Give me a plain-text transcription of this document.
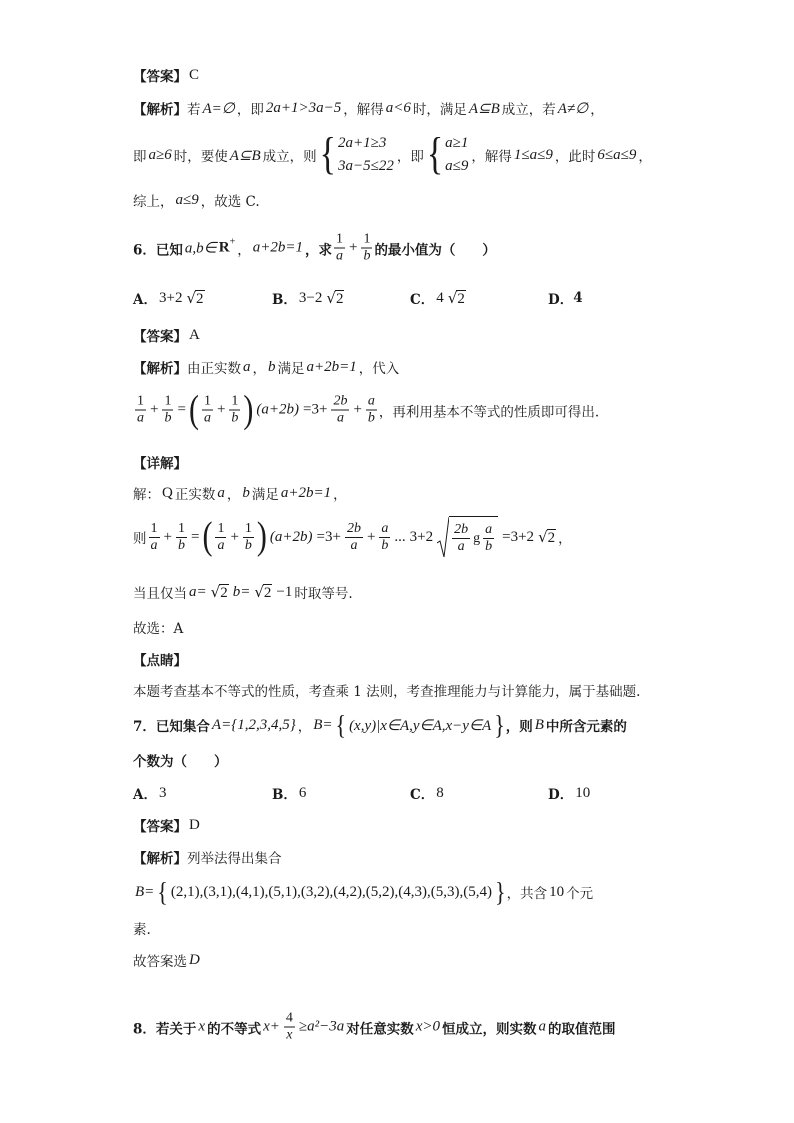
【答案】 C
【解析】 若 A=∅ ，即 2a+1>3a−5 ，解得 a<6 时，满足 A⊆B 成立，若 A≠∅ ，
即 a≥6 时，要使 A⊆B 成立，则 { 2a+1≥3
3a−5≤22
，即 { a≥1
a≤9
，解得 1≤a≤9 ，此时 6≤a≤9 ，
综上， a≤9 ，故选 C.
6．已知 a,b∈ R + ， a+2b=1 ，求 $\frac{1}{a} + \frac{1}{b}$ 的最小值为（　　）
A． 3+2 √ 2	B． 3−2 √ 2	C． 4 √ 2	D． 4
【答案】 A
【解析】 由正实数 a ， b 满足 a+2b=1 ，代入
$\frac{1}{a} + \frac{1}{b}$ = ( $\frac{1}{a} + \frac{1}{b}$ ) $(a+2b) =3+ \frac{2b}{a} + \frac{a}{b}$ ，再利用基本不等式的性质即可得出.
【详解】
解： Q 正实数 a ， b 满足 a+2b=1 ，
则 $\frac{1}{a} + \frac{1}{b}$ = ( $\frac{1}{a} + \frac{1}{b}$ ) $(a+2b) =3+ \frac{2b}{a} + \frac{a}{b}$ ... $3+2 \frac{2b}{a}$ g $\frac{a}{b} =3+2$ √ 2 ，
当且仅当 a= √ 2 b= √ 2 −1 时取等号.
故选：A
【点睛】
本题考查基本不等式的性质，考查乘 1 法则，考查推理能力与计算能力，属于基础题.
7．已知集合 A={1,2,3,4,5} ， B= { (x,y)|x∈A,y∈A,x−y∈A } ，则 B 中所含元素的
个数为（　　）
A． 3	B． 6	C． 8	D． 10
【答案】 D
【解析】 列举法得出集合
B= { (2,1),(3,1),(4,1),(5,1),(3,2),(4,2),(5,2),(4,3),(5,3),(5,4) } ，共含 10 个元
素.
故答案选 D
8．若关于 x 的不等式 $x+ \frac{4}{x} \ge a^2-3a$ 对任意实数 x>0 恒成立，则实数 a 的取值范围
